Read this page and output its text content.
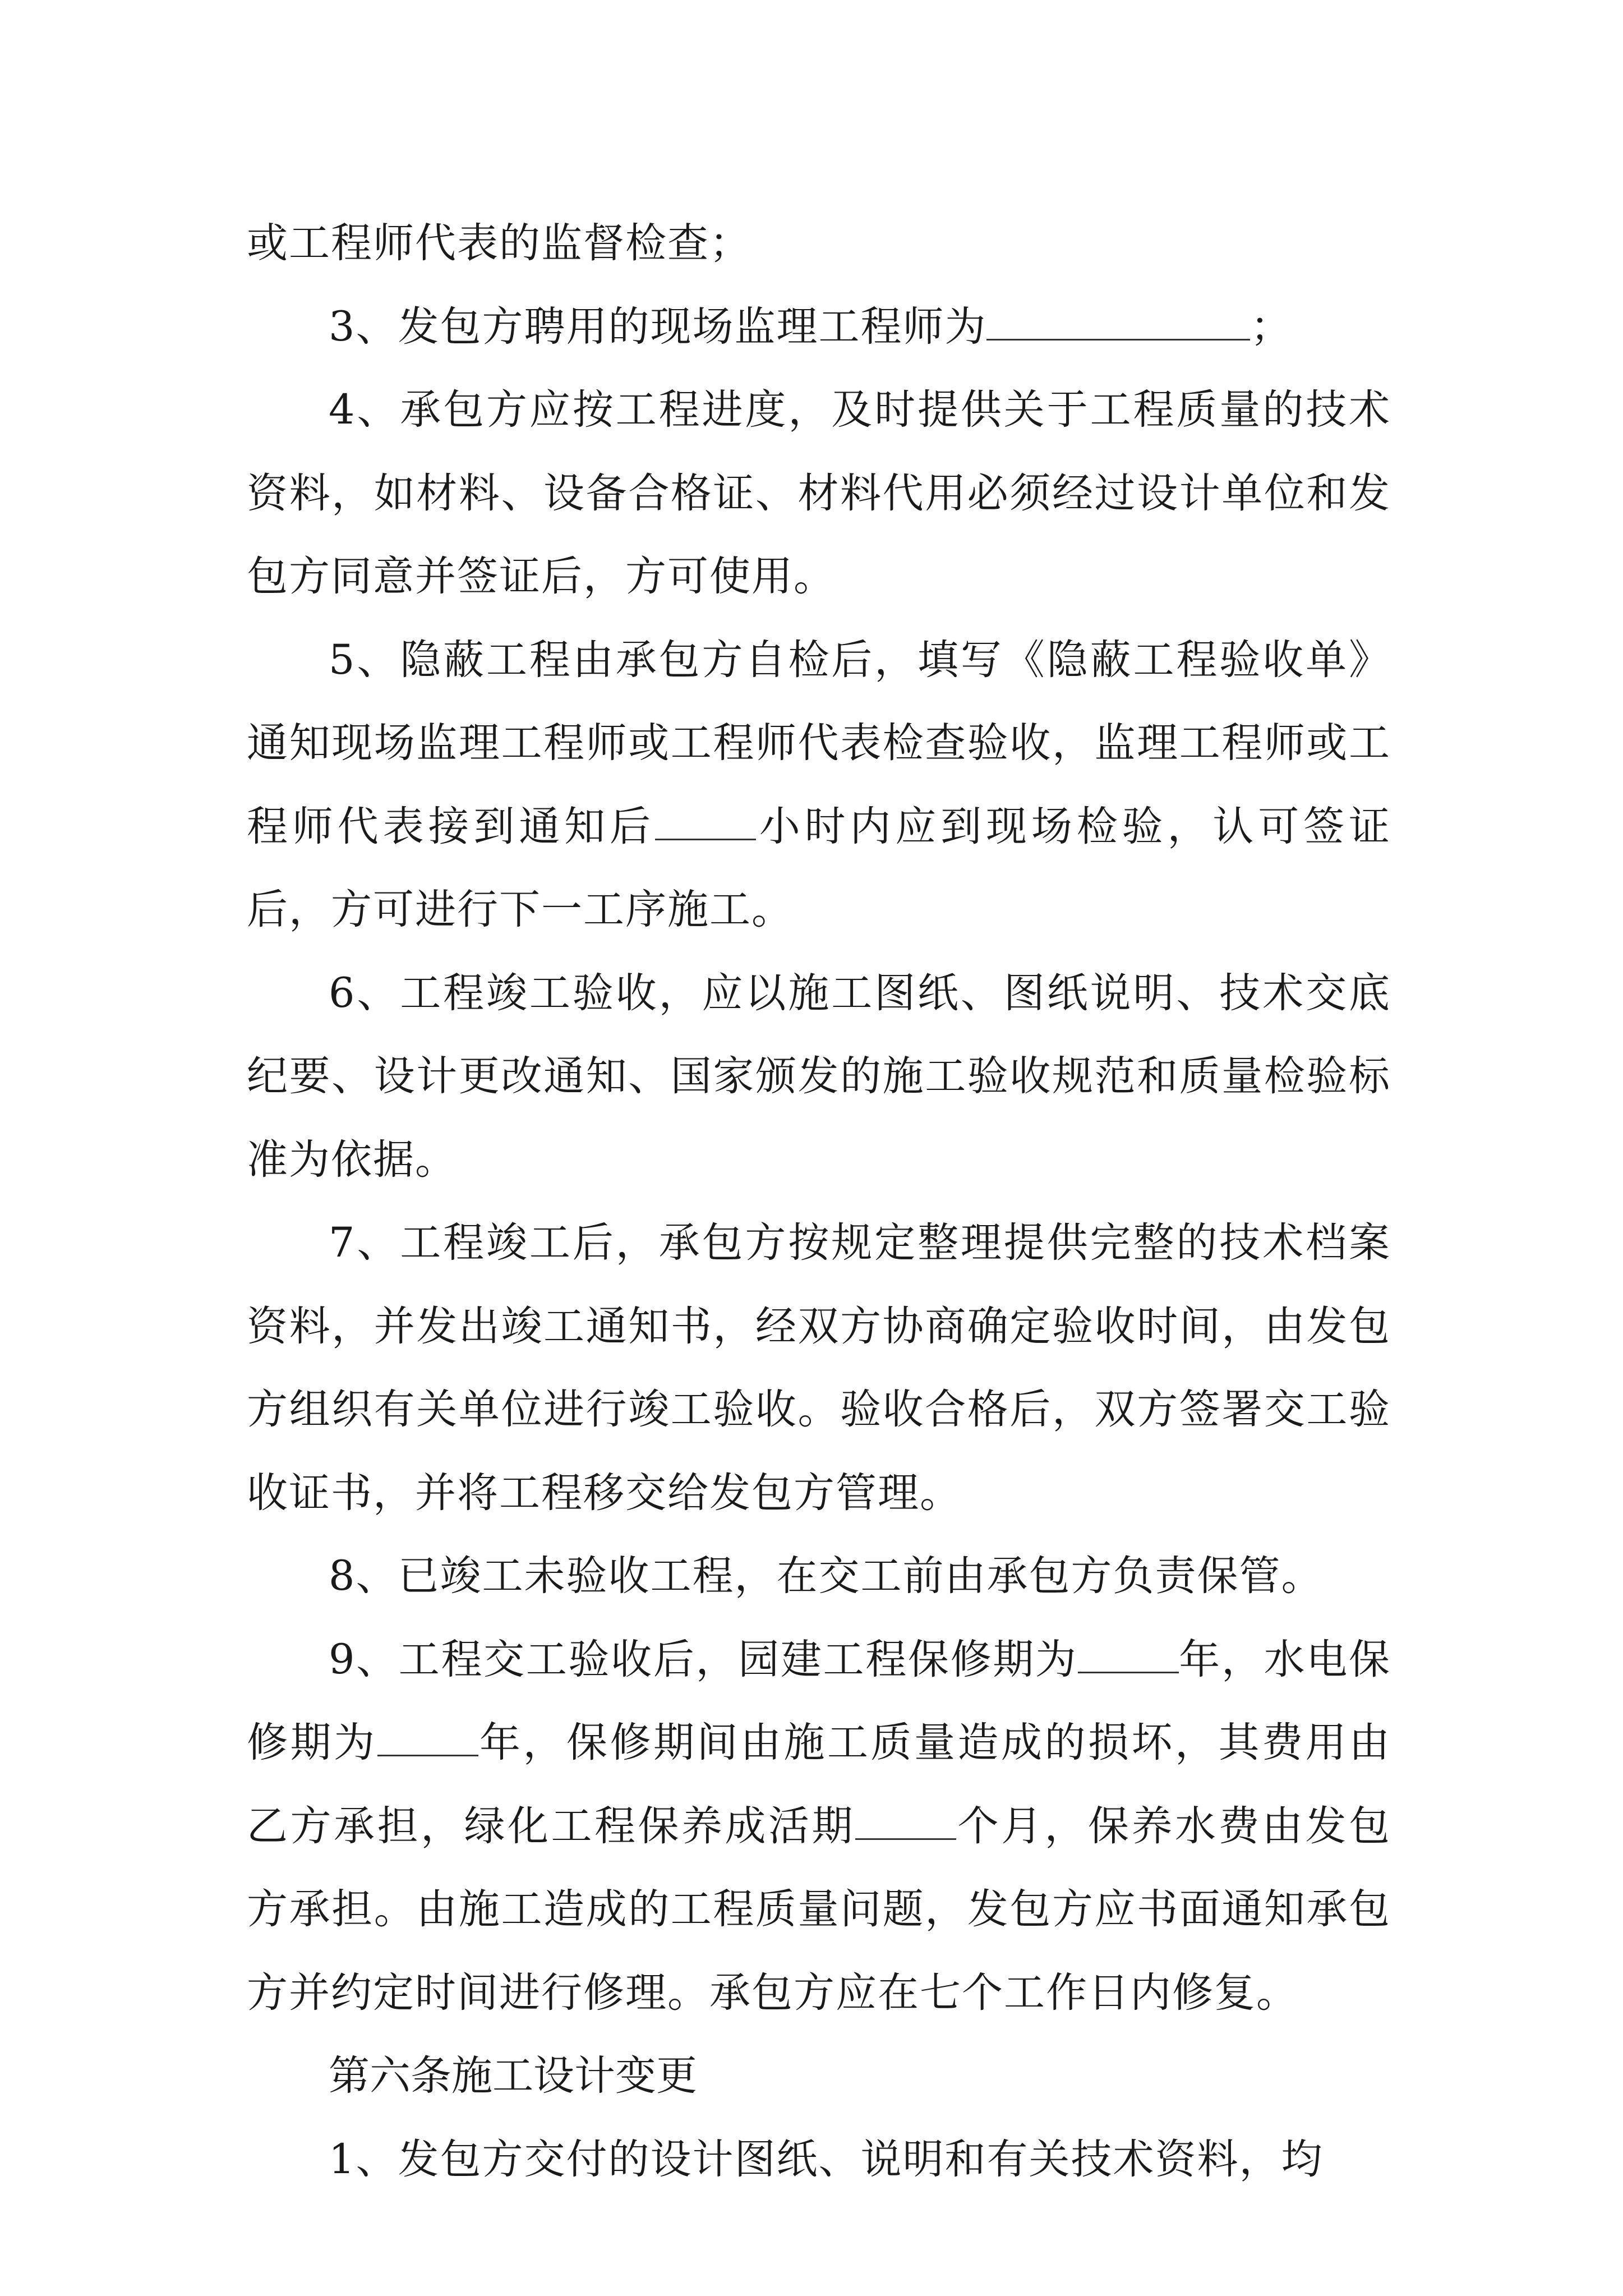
或工程师代表的监督检查；

3、发包方聘用的现场监理工程师为	；

4、承包方应按工程进度，及时提供关于工程质量的技术资料，如材料、设备合格证、材料代用必须经过设计单位和发包方同意并签证后，方可使用。

5、隐蔽工程由承包方自检后，填写《隐蔽工程验收单》通知现场监理工程师或工程师代表检查验收，监理工程师或工程师代表接到通知后 小时内应到现场检验，认可签证后，方可进行下一工序施工。

6、工程竣工验收，应以施工图纸、图纸说明、技术交底纪要、设计更改通知、国家颁发的施工验收规范和质量检验标准为依据。

7、工程竣工后，承包方按规定整理提供完整的技术档案资料，并发出竣工通知书，经双方协商确定验收时间，由发包方组织有关单位进行竣工验收。验收合格后，双方签署交工验收证书，并将工程移交给发包方管理。

8、已竣工未验收工程，在交工前由承包方负责保管。

9、工程交工验收后，园建工程保修期为 年，水电保修期为 年，保修期间由施工质量造成的损坏，其费用由乙方承担，绿化工程保养成活期 个月，保养水费由发包方承担。由施工造成的工程质量问题，发包方应书面通知承包方并约定时间进行修理。承包方应在七个工作日内修复。

第六条施工设计变更

1、发包方交付的设计图纸、说明和有关技术资料，均
